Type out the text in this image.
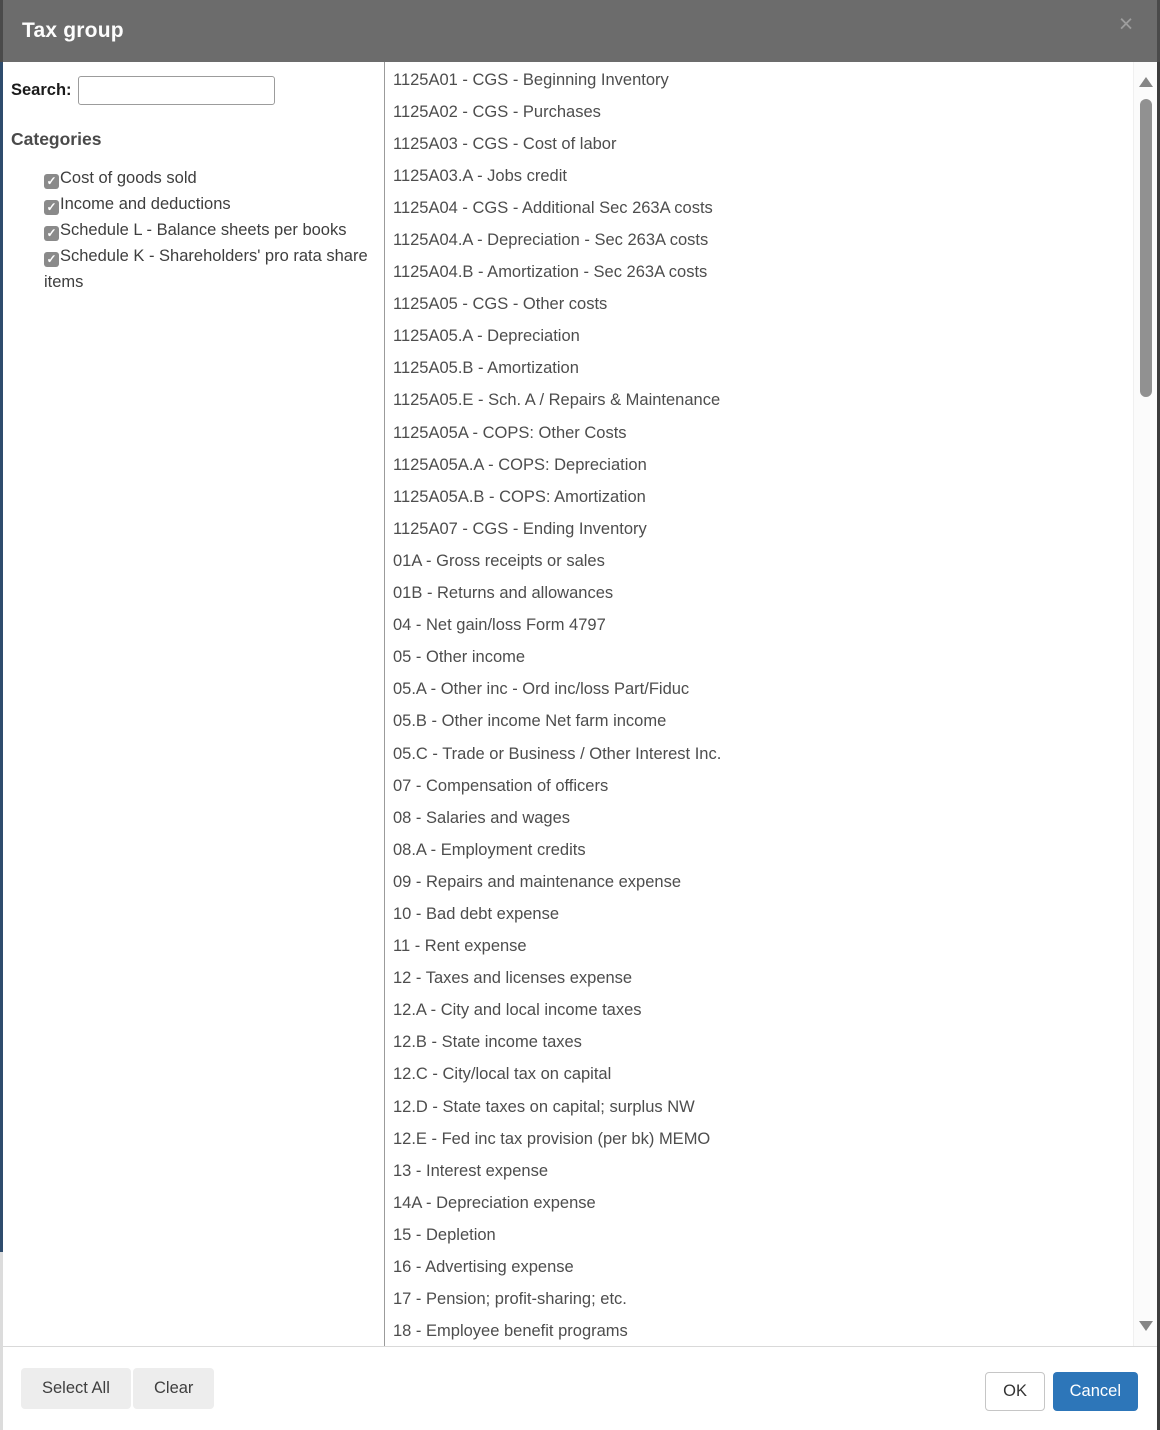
Tax group	×
Search:
Categories
✓ Cost of goods sold
✓ Income and deductions
✓ Schedule L - Balance sheets per books
✓ Schedule K - Shareholders' pro rata share items
1125A01 - CGS - Beginning Inventory
1125A02 - CGS - Purchases
1125A03 - CGS - Cost of labor
1125A03.A - Jobs credit
1125A04 - CGS - Additional Sec 263A costs
1125A04.A - Depreciation - Sec 263A costs
1125A04.B - Amortization - Sec 263A costs
1125A05 - CGS - Other costs
1125A05.A - Depreciation
1125A05.B - Amortization
1125A05.E - Sch. A / Repairs & Maintenance
1125A05A - COPS: Other Costs
1125A05A.A - COPS: Depreciation
1125A05A.B - COPS: Amortization
1125A07 - CGS - Ending Inventory
01A - Gross receipts or sales
01B - Returns and allowances
04 - Net gain/loss Form 4797
05 - Other income
05.A - Other inc - Ord inc/loss Part/Fiduc
05.B - Other income Net farm income
05.C - Trade or Business / Other Interest Inc.
07 - Compensation of officers
08 - Salaries and wages
08.A - Employment credits
09 - Repairs and maintenance expense
10 - Bad debt expense
11 - Rent expense
12 - Taxes and licenses expense
12.A - City and local income taxes
12.B - State income taxes
12.C - City/local tax on capital
12.D - State taxes on capital; surplus NW
12.E - Fed inc tax provision (per bk) MEMO
13 - Interest expense
14A - Depreciation expense
15 - Depletion
16 - Advertising expense
17 - Pension; profit-sharing; etc.
18 - Employee benefit programs
Select All	Clear	OK	Cancel
